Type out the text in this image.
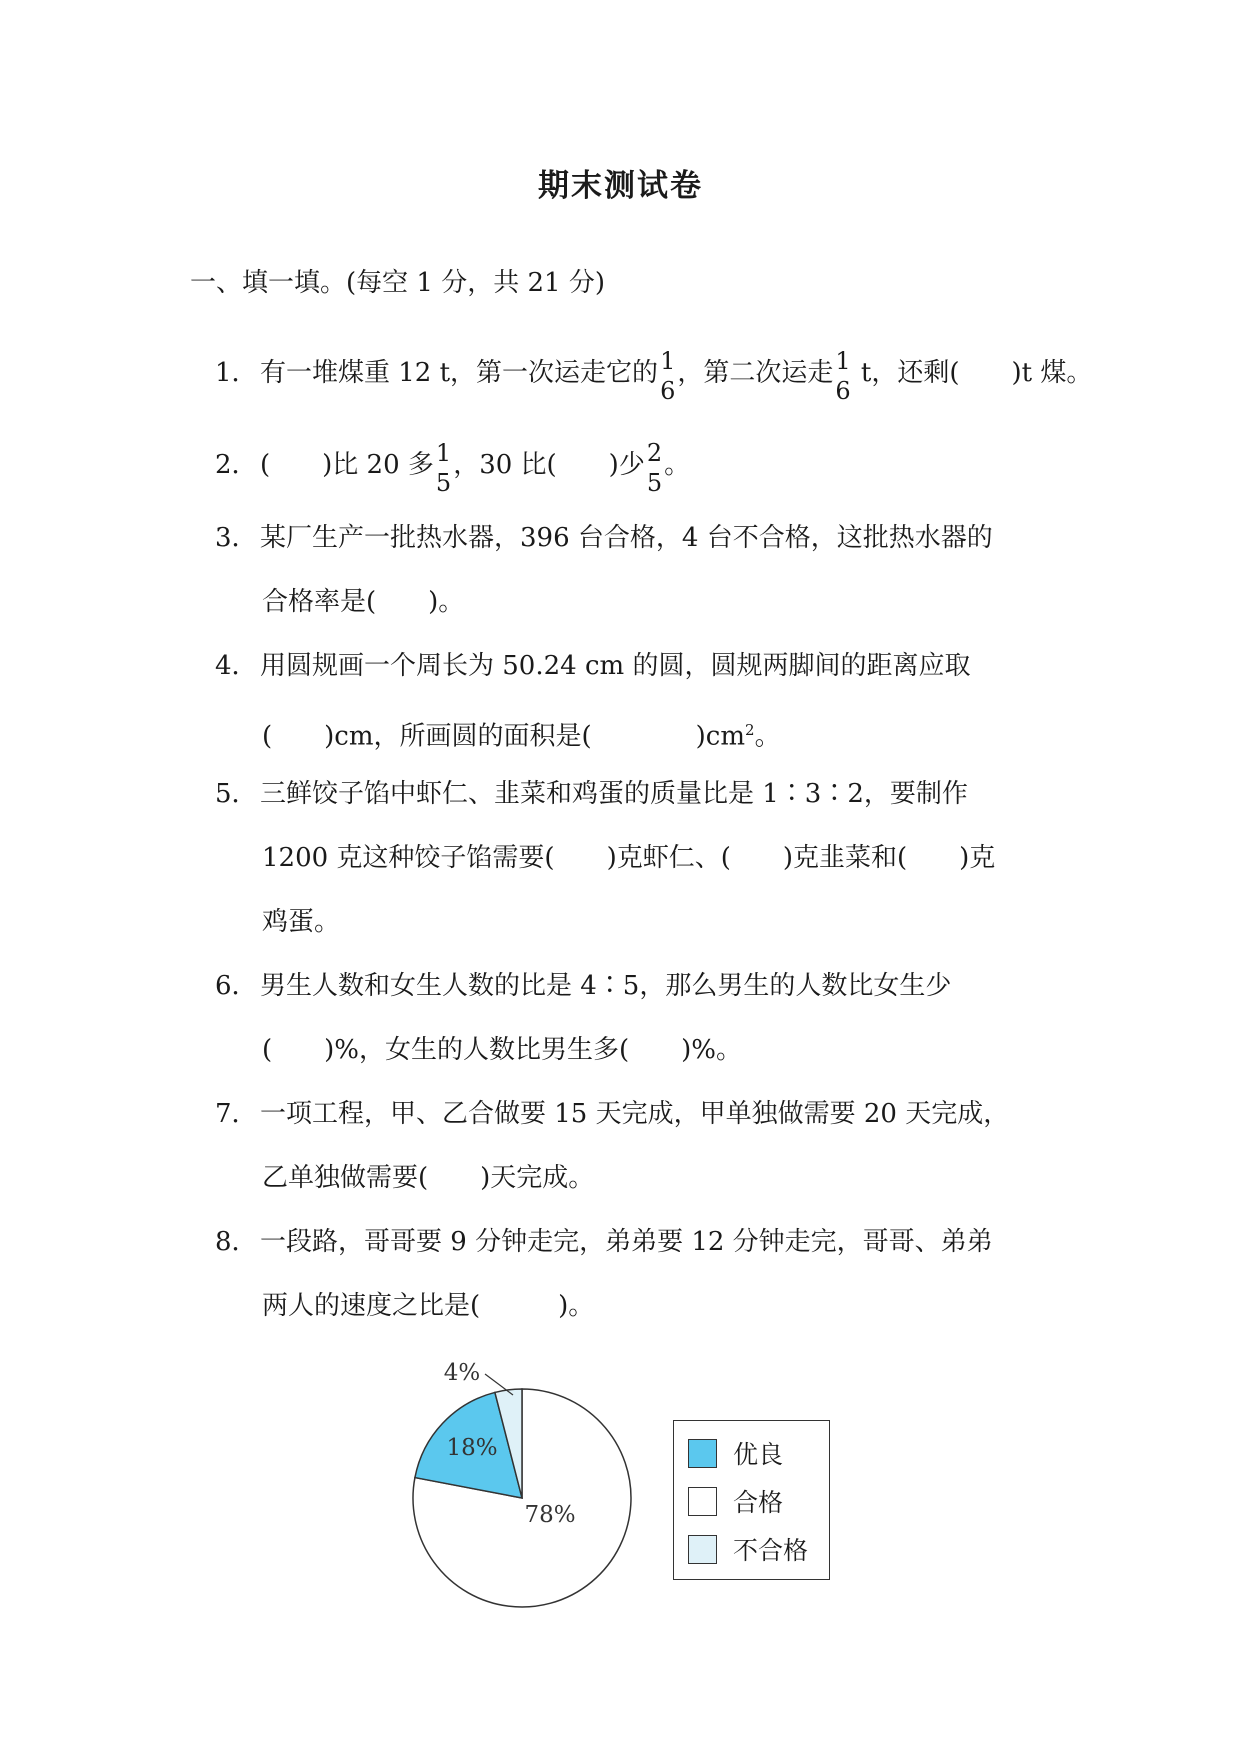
期末测试卷
一、填一填。(每空 1 分，共 21 分)
1．有一堆煤重 12 t，第一次运走它的 1
6
，第二次运走 1
6
t，还剩(　　)t 煤。
2．(　　)比 20 多 1
5
，30 比(　　)少 2
5
。
3．某厂生产一批热水器，396 台合格，4 台不合格，这批热水器的
合格率是(　　)。
4．用圆规画一个周长为 50.24 cm 的圆，圆规两脚间的距离应取
(　　)cm，所画圆的面积是(　　　　)$cm^2$。
5．三鲜饺子馅中虾仁、韭菜和鸡蛋的质量比是 1∶3∶2，要制作
1200 克这种饺子馅需要(　　)克虾仁、(　　)克韭菜和(　　)克
鸡蛋。
6．男生人数和女生人数的比是 4∶5，那么男生的人数比女生少
(　　)%，女生的人数比男生多(　　)%。
7．一项工程，甲、乙合做要 15 天完成，甲单独做需要 20 天完成，
乙单独做需要(　　)天完成。
8．一段路，哥哥要 9 分钟走完，弟弟要 12 分钟走完，哥哥、弟弟
两人的速度之比是(　　　)。
78%
18%
4%
优良
合格
不合格
